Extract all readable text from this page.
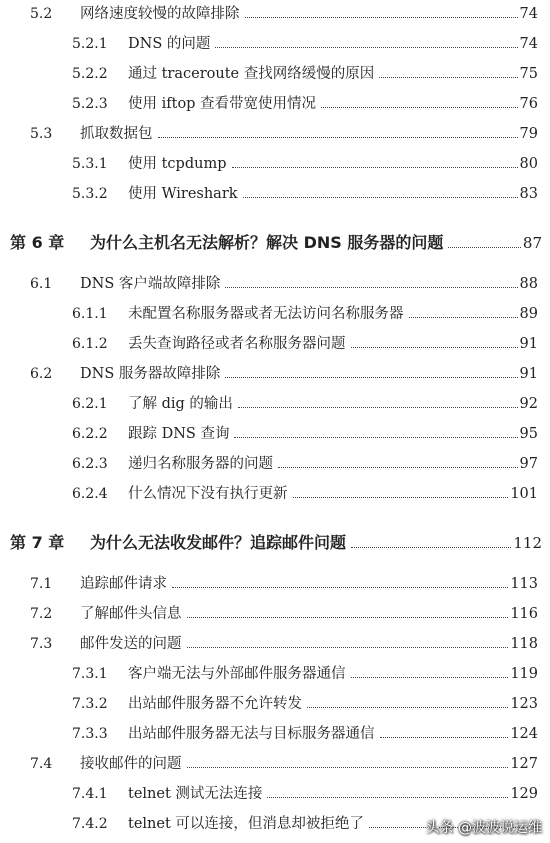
5.2	网络速度较慢的故障排除	74
5.2.1	DNS 的问题	74
5.2.2	通过 traceroute 查找网络缓慢的原因	75
5.2.3	使用 iftop 查看带宽使用情况	76
5.3	抓取数据包	79
5.3.1	使用 tcpdump	80
5.3.2	使用 Wireshark	83
第 6 章	为什么主机名无法解析？解决 DNS 服务器的问题	87
6.1	DNS 客户端故障排除	88
6.1.1	未配置名称服务器或者无法访问名称服务器	89
6.1.2	丢失查询路径或者名称服务器问题	91
6.2	DNS 服务器故障排除	91
6.2.1	了解 dig 的输出	92
6.2.2	跟踪 DNS 查询	95
6.2.3	递归名称服务器的问题	97
6.2.4	什么情况下没有执行更新	101
第 7 章	为什么无法收发邮件？追踪邮件问题	112
7.1	追踪邮件请求	113
7.2	了解邮件头信息	116
7.3	邮件发送的问题	118
7.3.1	客户端无法与外部邮件服务器通信	119
7.3.2	出站邮件服务器不允许转发	123
7.3.3	出站邮件服务器无法与目标服务器通信	124
7.4	接收邮件的问题	127
7.4.1	telnet 测试无法连接	129
7.4.2	telnet 可以连接，但消息却被拒绝了	头条 @波波说运维
